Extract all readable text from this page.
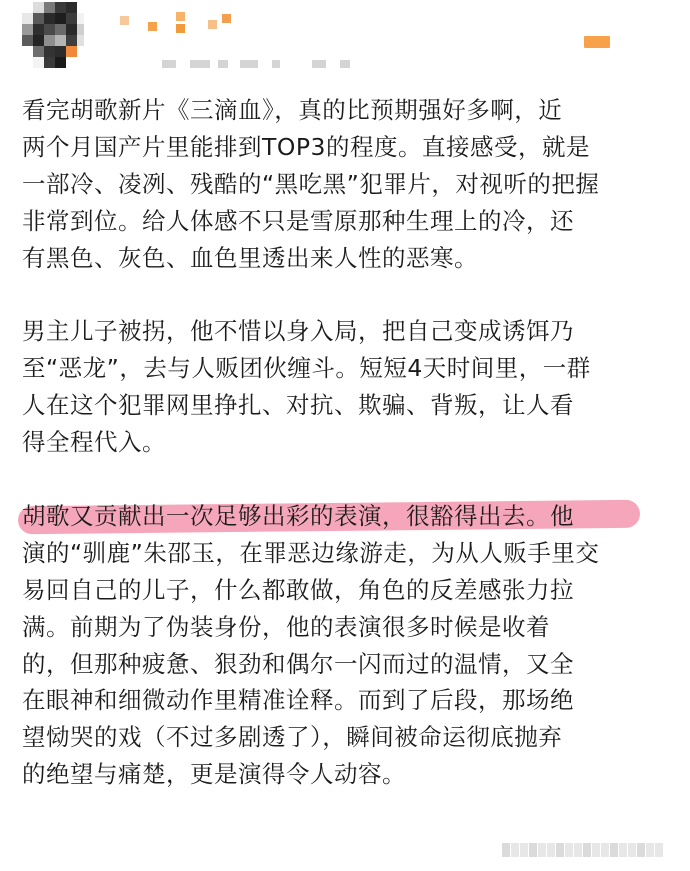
看完胡歌新片《三滴血》，真的比预期强好多啊，近
两个月国产片里能排到TOP3的程度。直接感受，就是
一部冷、凌冽、残酷的“黑吃黑”犯罪片，对视听的把握
非常到位。给人体感不只是雪原那种生理上的冷，还
有黑色、灰色、血色里透出来人性的恶寒。

男主儿子被拐，他不惜以身入局，把自己变成诱饵乃
至“恶龙”，去与人贩团伙缠斗。短短4天时间里，一群
人在这个犯罪网里挣扎、对抗、欺骗、背叛，让人看
得全程代入。

胡歌又贡献出一次足够出彩的表演，很豁得出去。他
演的“驯鹿”朱邵玉，在罪恶边缘游走，为从人贩手里交
易回自己的儿子，什么都敢做，角色的反差感张力拉
满。前期为了伪装身份，他的表演很多时候是收着
的，但那种疲惫、狠劲和偶尔一闪而过的温情，又全
在眼神和细微动作里精准诠释。而到了后段，那场绝
望恸哭的戏（不过多剧透了），瞬间被命运彻底抛弃
的绝望与痛楚，更是演得令人动容。
